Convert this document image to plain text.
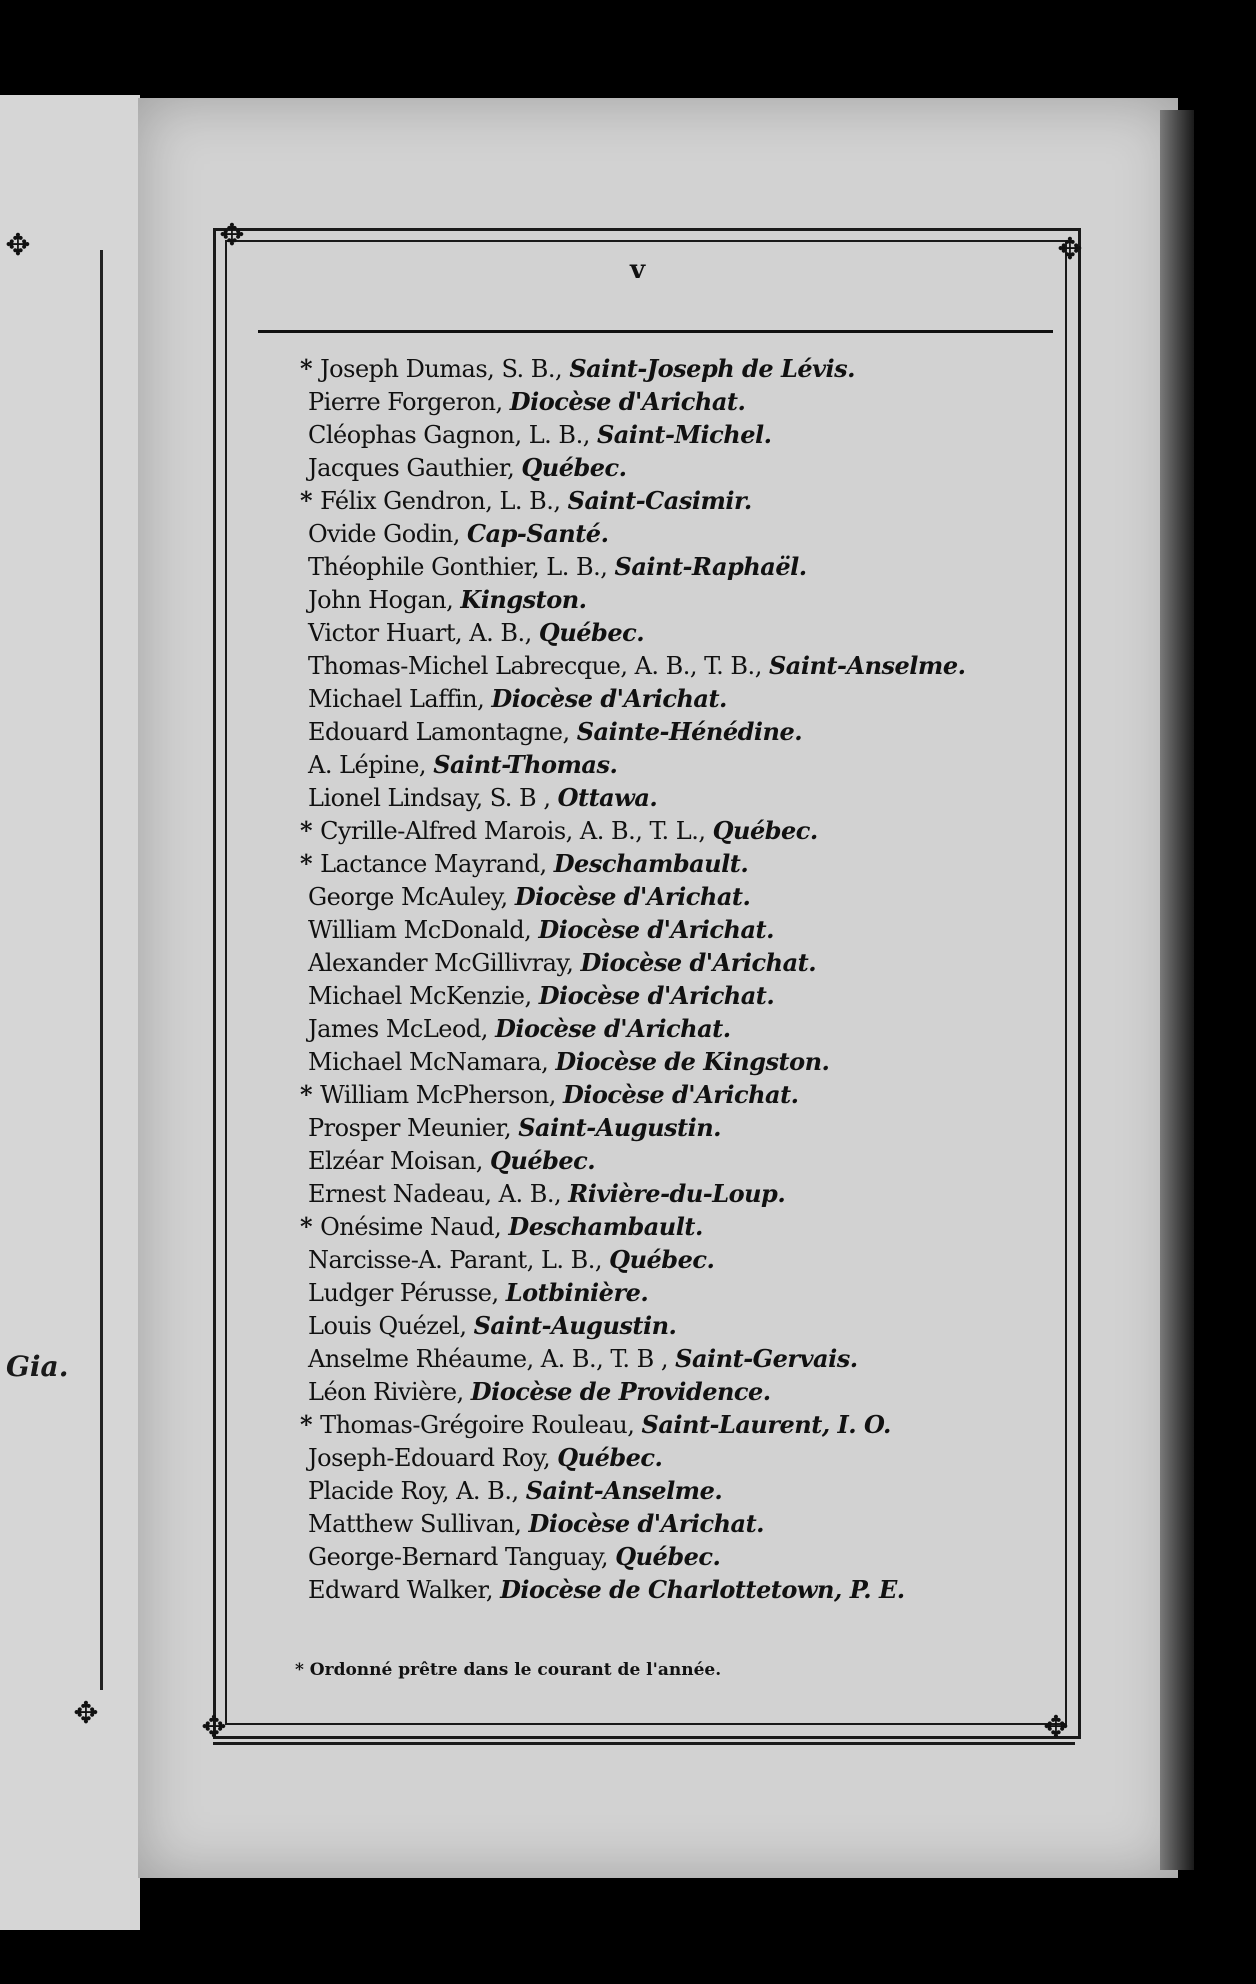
✥
✥
Gia.
✥	✥
✥	✥
v
* Joseph Dumas, S. B., Saint-Joseph de Lévis.
Pierre Forgeron, Diocèse d'Arichat.
Cléophas Gagnon, L. B., Saint-Michel.
Jacques Gauthier, Québec.
* Félix Gendron, L. B., Saint-Casimir.
Ovide Godin, Cap-Santé.
Théophile Gonthier, L. B., Saint-Raphaël.
John Hogan, Kingston.
Victor Huart, A. B., Québec.
Thomas-Michel Labrecque, A. B., T. B., Saint-Anselme.
Michael Laffin, Diocèse d'Arichat.
Edouard Lamontagne, Sainte-Hénédine.
A. Lépine, Saint-Thomas.
Lionel Lindsay, S. B , Ottawa.
* Cyrille-Alfred Marois, A. B., T. L., Québec.
* Lactance Mayrand, Deschambault.
George McAuley, Diocèse d'Arichat.
William McDonald, Diocèse d'Arichat.
Alexander McGillivray, Diocèse d'Arichat.
Michael McKenzie, Diocèse d'Arichat.
James McLeod, Diocèse d'Arichat.
Michael McNamara, Diocèse de Kingston.
* William McPherson, Diocèse d'Arichat.
Prosper Meunier, Saint-Augustin.
Elzéar Moisan, Québec.
Ernest Nadeau, A. B., Rivière-du-Loup.
* Onésime Naud, Deschambault.
Narcisse-A. Parant, L. B., Québec.
Ludger Pérusse, Lotbinière.
Louis Quézel, Saint-Augustin.
Anselme Rhéaume, A. B., T. B , Saint-Gervais.
Léon Rivière, Diocèse de Providence.
* Thomas-Grégoire Rouleau, Saint-Laurent, I. O.
Joseph-Edouard Roy, Québec.
Placide Roy, A. B., Saint-Anselme.
Matthew Sullivan, Diocèse d'Arichat.
George-Bernard Tanguay, Québec.
Edward Walker, Diocèse de Charlottetown, P. E.
* Ordonné prêtre dans le courant de l'année.
